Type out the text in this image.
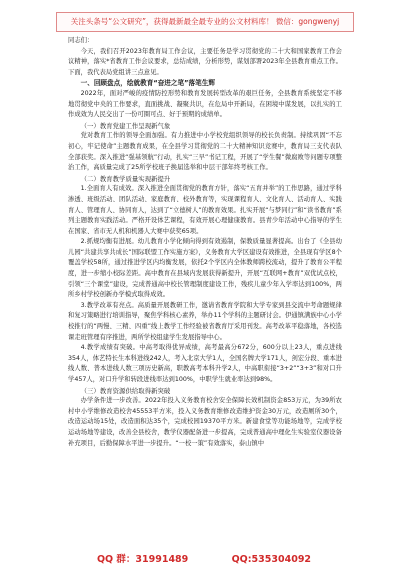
关注头条号“公文研究”，获得最新最全最专业的公文材料库！ 微信：gongwenyj

同志们：

今天，我们召开2023年教育局工作会议，主要任务是学习贯彻党的二十大和国家教育工作会议精神，落实*省教育工作会议要求，总结成绩，分析形势，谋划部署2023年全县教育重点工作。下面，我代表局党组讲三点意见。

一、回顾盘点，绘就教育“奋进之笔”落笔生辉

2022年，面对严峻的疫情防控形势和教育发展转型改革的艰巨任务，全县教育系统坚定不移地贯彻党中央的工作要求，直面挑战、凝聚共识，在危局中开新局，在困境中谋发展，以扎实的工作成效为人民交出了一份可圈可点、好于预期的成绩单。

（一）教育党建工作呈现新气象

党对教育工作的领导全面加强。有力推进中小学校党组织领导的校长负责制。持续巩固“不忘初心，牢记使命”主题教育成果，在全县学习贯彻党的二十大精神知识竞赛中，教育局三支代表队全部获奖。深入推进“强基领航”行动，扎实“三早”书记工程，开展了“学生餐”微腐败等问题专项整治工作，高质量完成了25所学校班子换届选举和中层干部年终考核工作。

（二）教育教学质量实现新提升

1.全面育人有成效。深入推进全面贯彻党的教育方针，落实“五育并举”的工作思路，通过学科渗透、班级活动、团队活动、家庭教育、校外教育等，实现课程育人、文化育人、活动育人、实践育人、管理育人、协同育人，达到了“立德树人”的教育效果。扎实开展“与梦同行”和“读书教育”系列主题教育实践活动。严格开设体艺课程，有效开展心理健康教育。县青少年活动中心指导的学生在国家、省市无人机和机器人大赛中获奖65项。

2.抓规均衡有进展。幼儿教育小学化倾向得到有效遏制，保教质量显著提高。出台了《全县幼儿园“共建共享共成长”国际联盟工作实施方案》，义务教育大学区建设有效推进，全县现有学区8个覆盖学校58所，通过推进学区内均衡发展，依托2个学区内全体教师跨校流动，提升了教育公平程度，进一步缩小校际差距。高中教育在县域内发展获得新提升，开展“互联网+教育”双优试点校，引领“三个课堂”建设，完成普通高中校长管理制度建设工作，残疾儿童少年入学率达到100%，两所乡村学校创新办学模式取得成效。

3.教学改革有亮点。高质量开展教研工作，邀请省教育学院和大学专家到县交流中考命题规律和复习策略进行培训指导，聚焦学科核心素养，举办11个学科的主题研讨会。伊通镇满族中心小学校推行的“两慢、三精、四重”线上教学工作经验被省教育厅采用刊发。高考改革平稳落地，各校选课走班管理有序推进，两所学校组建学生发展指导中心。

4.教学成绩有突破。中高考取得优异成绩，高考最高分672分，600分以上23人，重点进线354人，体艺特长生本科进线242人，考入北京大学1人，全国名牌大学171人，剑宏分段、重本进线人数、普本进线人数三项历史新高，职教高考本科升学2人，中高职衔接“3+2”“3+3”和对口升学457人，对口升学和转段进线率达到100%，中职学生就业率达到98%。

（三）教育资源供给取得新突破

办学条件进一步改善。2022年投入义务教育校舍安全保障长效机制资金853万元，为39所农村中小学维修改造校舍45553平方米，投入义务教育维修改造维护资金30万元，改造厕所30个，改造运动场15处，改造面积达35个，完成校园19370平方米。新建食堂等功能场地等，完成学校运动场地等建设，改善全县校舍，教学仪器配备进一步提高，完成普通高中理化生实验室仪器设备补充项目，后勤保障水平进一步提升。“一校一策”有效落实，泰山镇中

QQ 群：31991489	QQ:535304092
